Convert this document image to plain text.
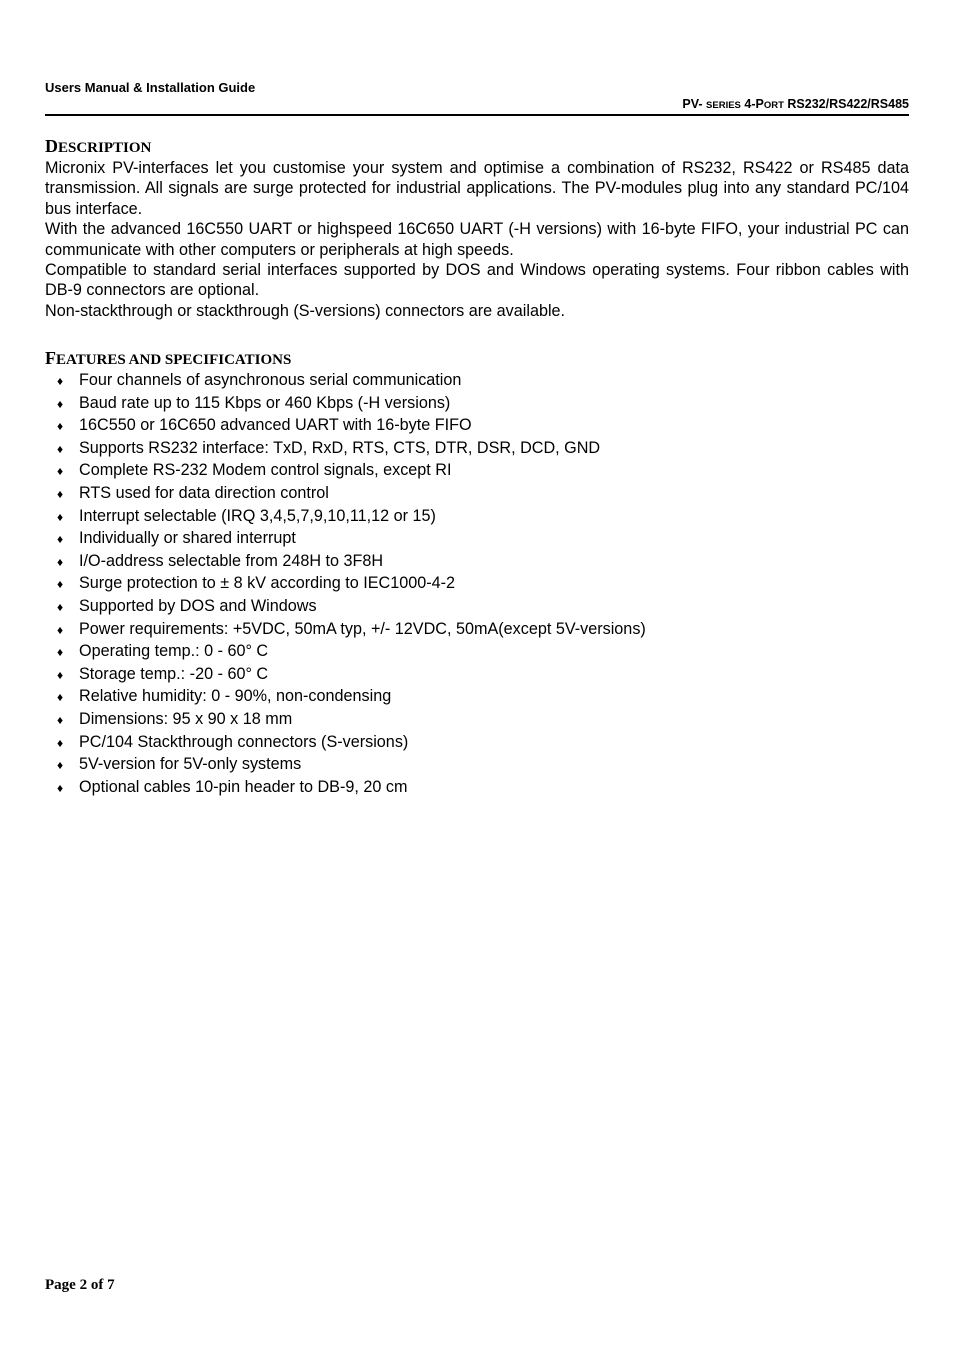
Users Manual & Installation Guide
PV- SERIES 4-PORT RS232/RS422/RS485
DESCRIPTION

Micronix PV-interfaces let you customise your system and optimise a combination of RS232, RS422 or RS485 data transmission. All signals are surge protected for industrial applications. The PV-modules plug into any standard PC/104 bus interface.

With the advanced 16C550 UART or highspeed 16C650 UART (-H versions) with 16-byte FIFO, your industrial PC can communicate with other computers or peripherals at high speeds.

Compatible to standard serial interfaces supported by DOS and Windows operating systems. Four ribbon cables with DB-9 connectors are optional.

Non-stackthrough or stackthrough (S-versions) connectors are available.

FEATURES AND SPECIFICATIONS
♦ Four channels of asynchronous serial communication
♦ Baud rate up to 115 Kbps or 460 Kbps (-H versions)
♦ 16C550 or 16C650 advanced UART with 16-byte FIFO
♦ Supports RS232 interface: TxD, RxD, RTS, CTS, DTR, DSR, DCD, GND
♦ Complete RS-232 Modem control signals, except RI
♦ RTS used for data direction control
♦ Interrupt selectable (IRQ 3,4,5,7,9,10,11,12 or 15)
♦ Individually or shared interrupt
♦ I/O-address selectable from 248H to 3F8H
♦ Surge protection to ± 8 kV according to IEC1000-4-2
♦ Supported by DOS and Windows
♦ Power requirements: +5VDC, 50mA typ, +/- 12VDC, 50mA(except 5V-versions)
♦ Operating temp.: 0 - 60° C
♦ Storage temp.: -20 - 60° C
♦ Relative humidity: 0 - 90%, non-condensing
♦ Dimensions: 95 x 90 x 18 mm
♦ PC/104 Stackthrough connectors (S-versions)
♦ 5V-version for 5V-only systems
♦ Optional cables 10-pin header to DB-9, 20 cm
Page 2 of 7
